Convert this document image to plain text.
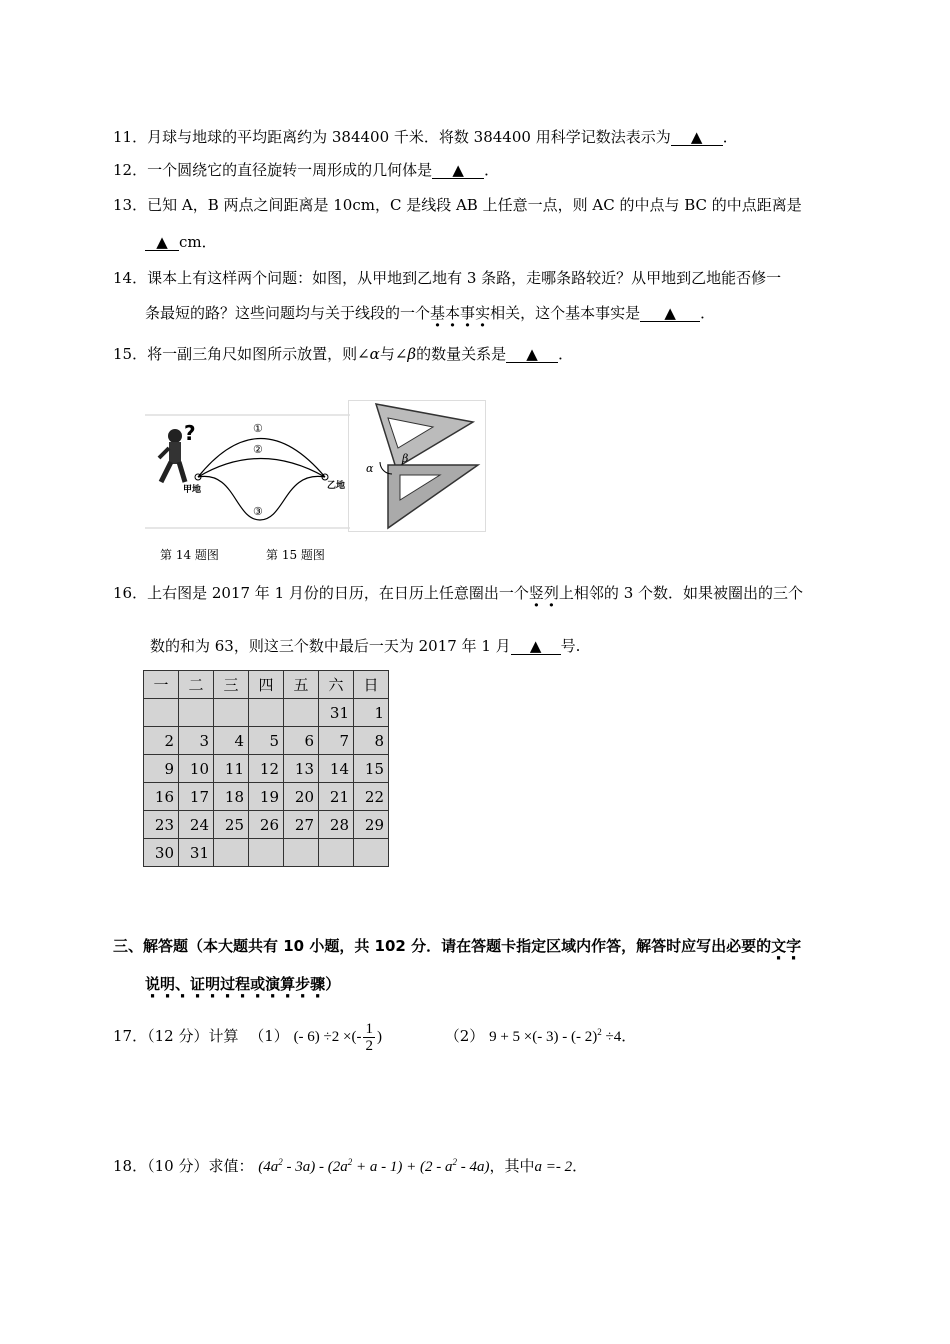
11．月球与地球的平均距离约为 384400 千米．将数 384400 用科学记数法表示为 ▲ ．
12．一个圆绕它的直径旋转一周形成的几何体是 ▲ ．
13．已知 A，B 两点之间距离是 10cm，C 是线段 AB 上任意一点，则 AC 的中点与 BC 的中点距离是
▲ cm．
14．课本上有这样两个问题：如图，从甲地到乙地有 3 条路，走哪条路较近？从甲地到乙地能否修一
条最短的路？这些问题均与关于线段的一个基本事实相关，这个基本事实是 ▲ ．
15．将一副三角尺如图所示放置，则∠α与∠β的数量关系是 ▲ ．
?	①
②
③
甲地	乙地
α
β
第 14 题图	第 15 题图
16．上右图是 2017 年 1 月份的日历，在日历上任意圈出一个竖列上相邻的 3 个数．如果被圈出的三个
数的和为 63，则这三个数中最后一天为 2017 年 1 月 ▲ 号.
一	二	三	四	五	六	日
					31	1
2	3	4	5	6	7	8
9	10	11	12	13	14	15
16	17	18	19	20	21	22
23	24	25	26	27	28	29
30	31					
三、解答题（本大题共有 10 小题，共 102 分．请在答题卡指定区域内作答，解答时应写出必要的文字
说明、 ·证明过程或演算步骤）
17．（12 分）计算 （1） (- 6) ÷2 ×(- $\frac{1}{2}$ )	（2） 9 + 5 ×(- 3) - (- 2)$^2$ ÷4．
18．（10 分）求值： $(4a^2 - 3a) - (2a^2 + a - 1) + (2 - a^2 - 4a)$，其中a =- 2．
